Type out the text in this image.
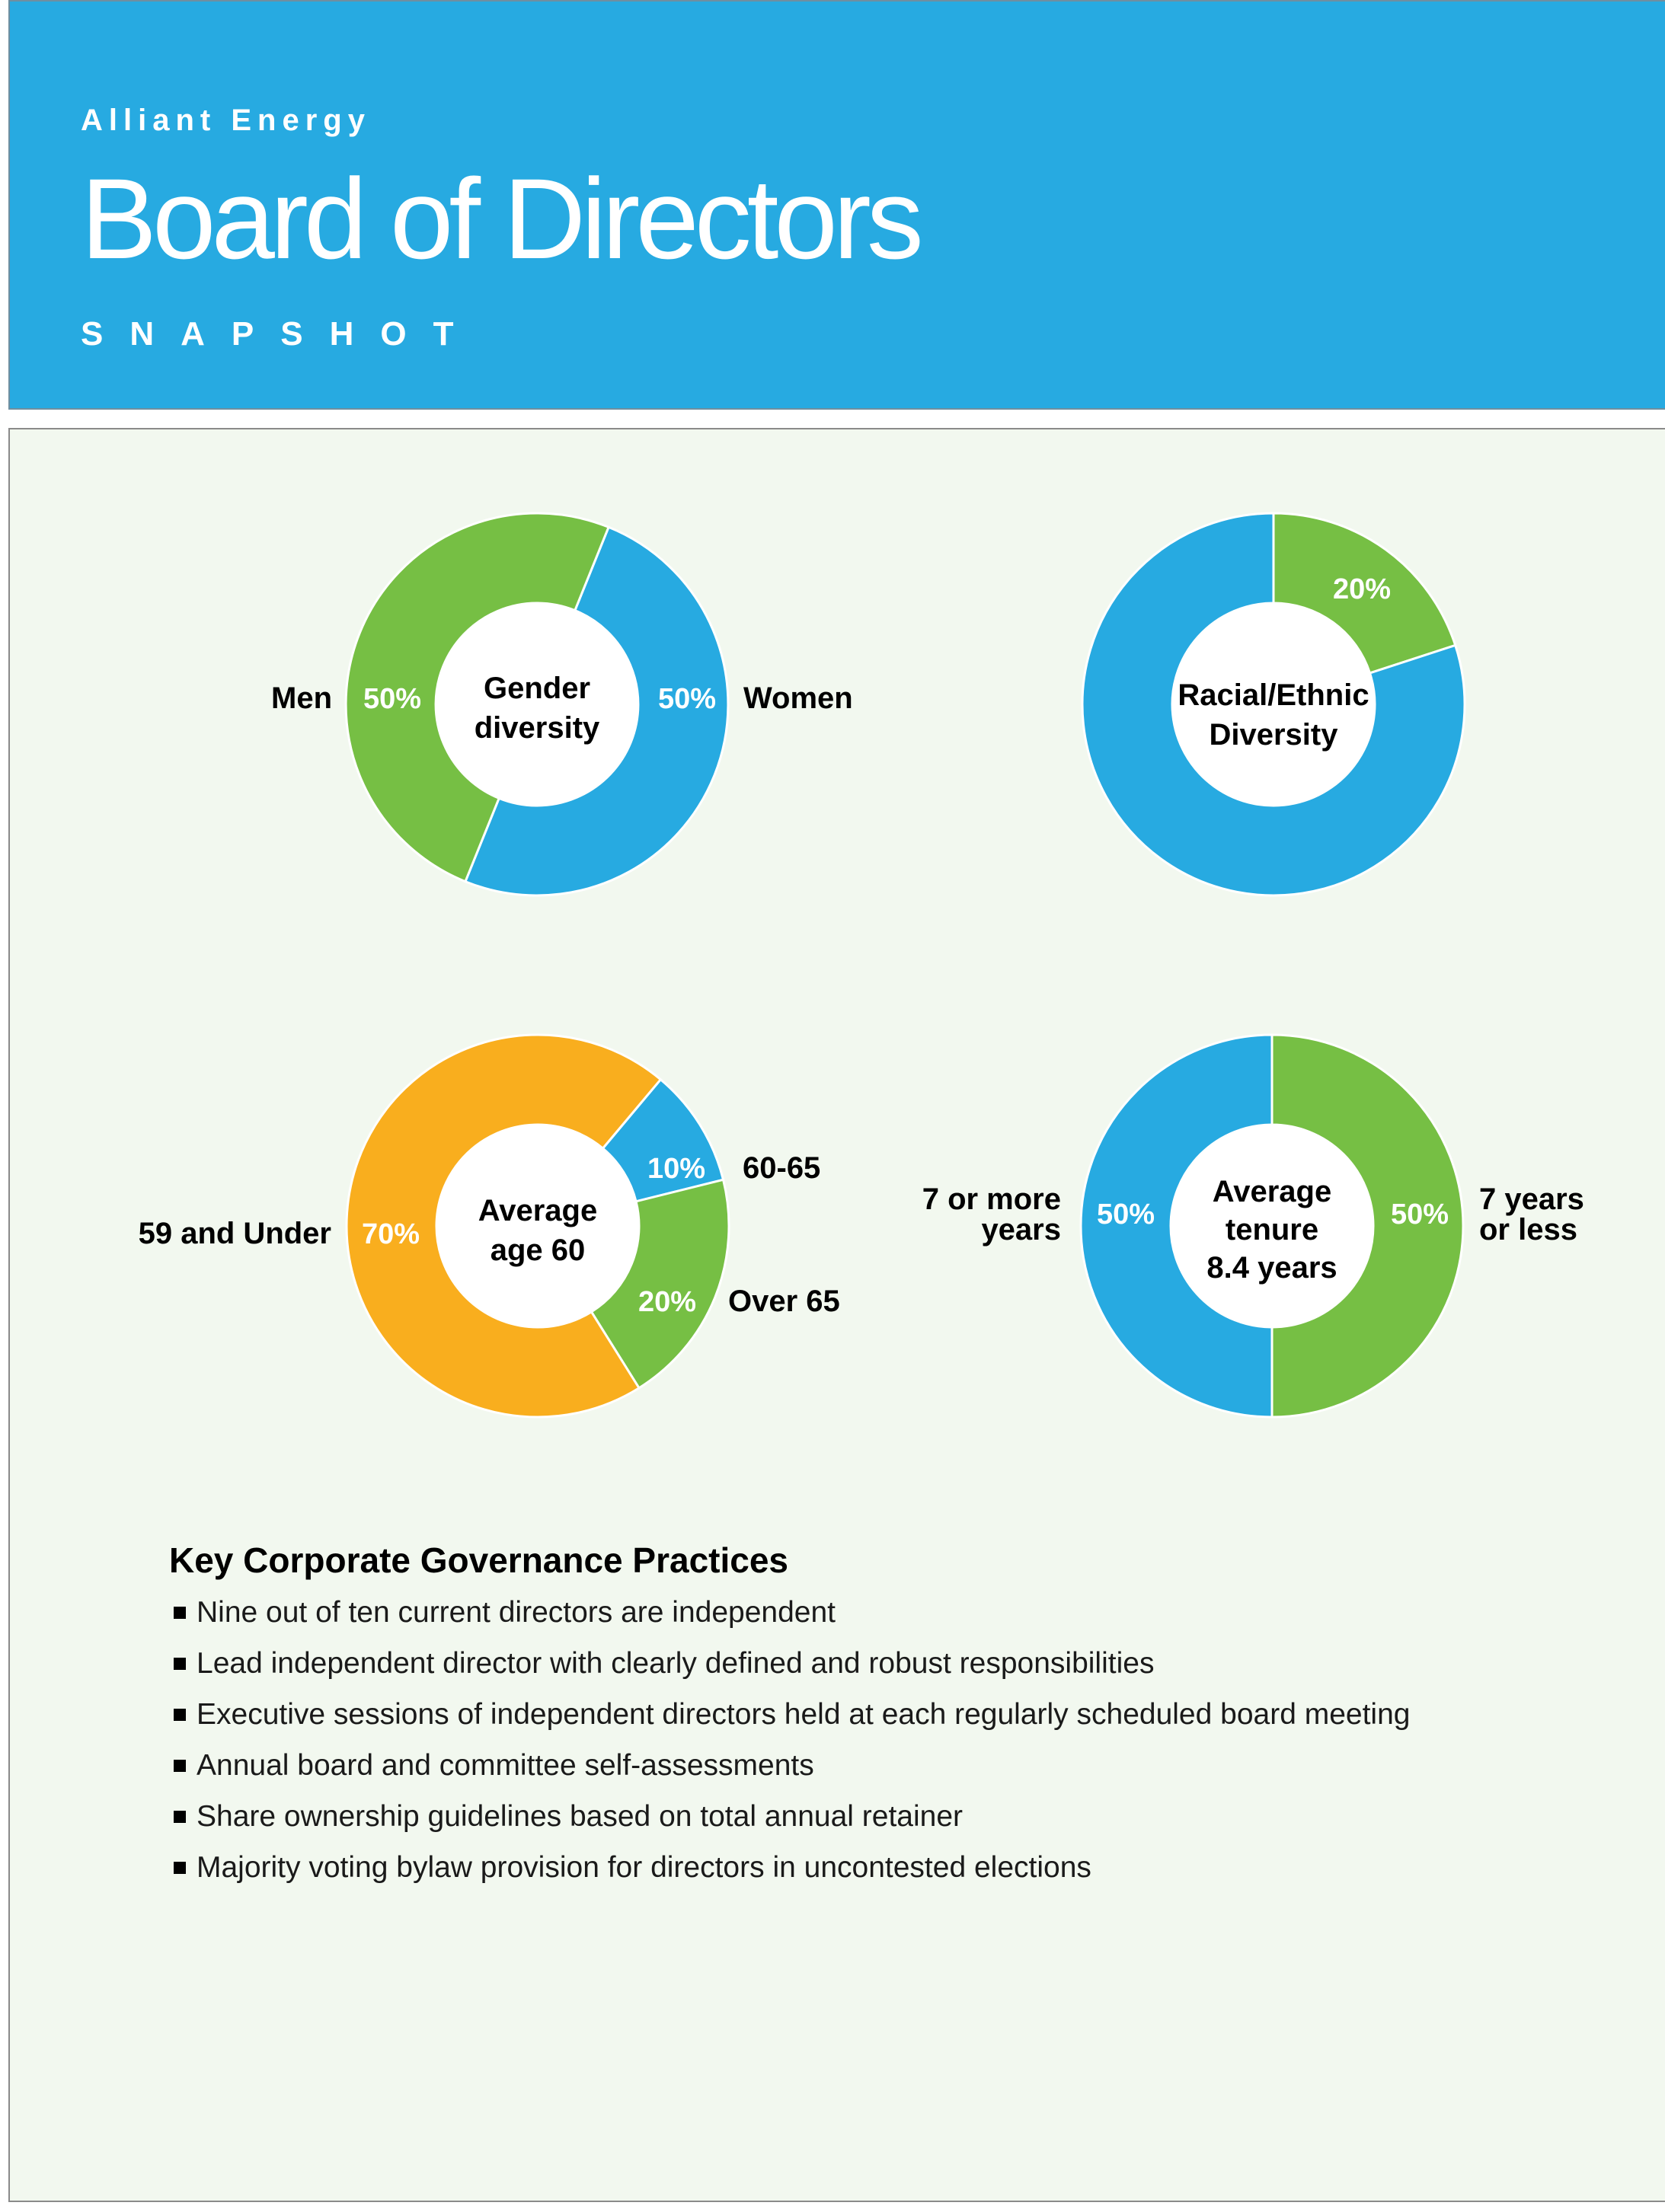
Alliant Energy
Board of Directors
SNAPSHOT
Gender
diversity
Men 50%	50% Women	Racial/Ethnic
Diversity
20%
Average
age 60
60-65
10%
Over 65
20%
59 and Under 70%
Average
tenure
8.4 years
50%
50%
7 or more years
7 years or less
Key Corporate Governance Practices
Nine out of ten current directors are independent
Lead independent director with clearly defined and robust responsibilities
Executive sessions of independent directors held at each regularly scheduled board meeting
Annual board and committee self-assessments
Share ownership guidelines based on total annual retainer
Majority voting bylaw provision for directors in uncontested elections
